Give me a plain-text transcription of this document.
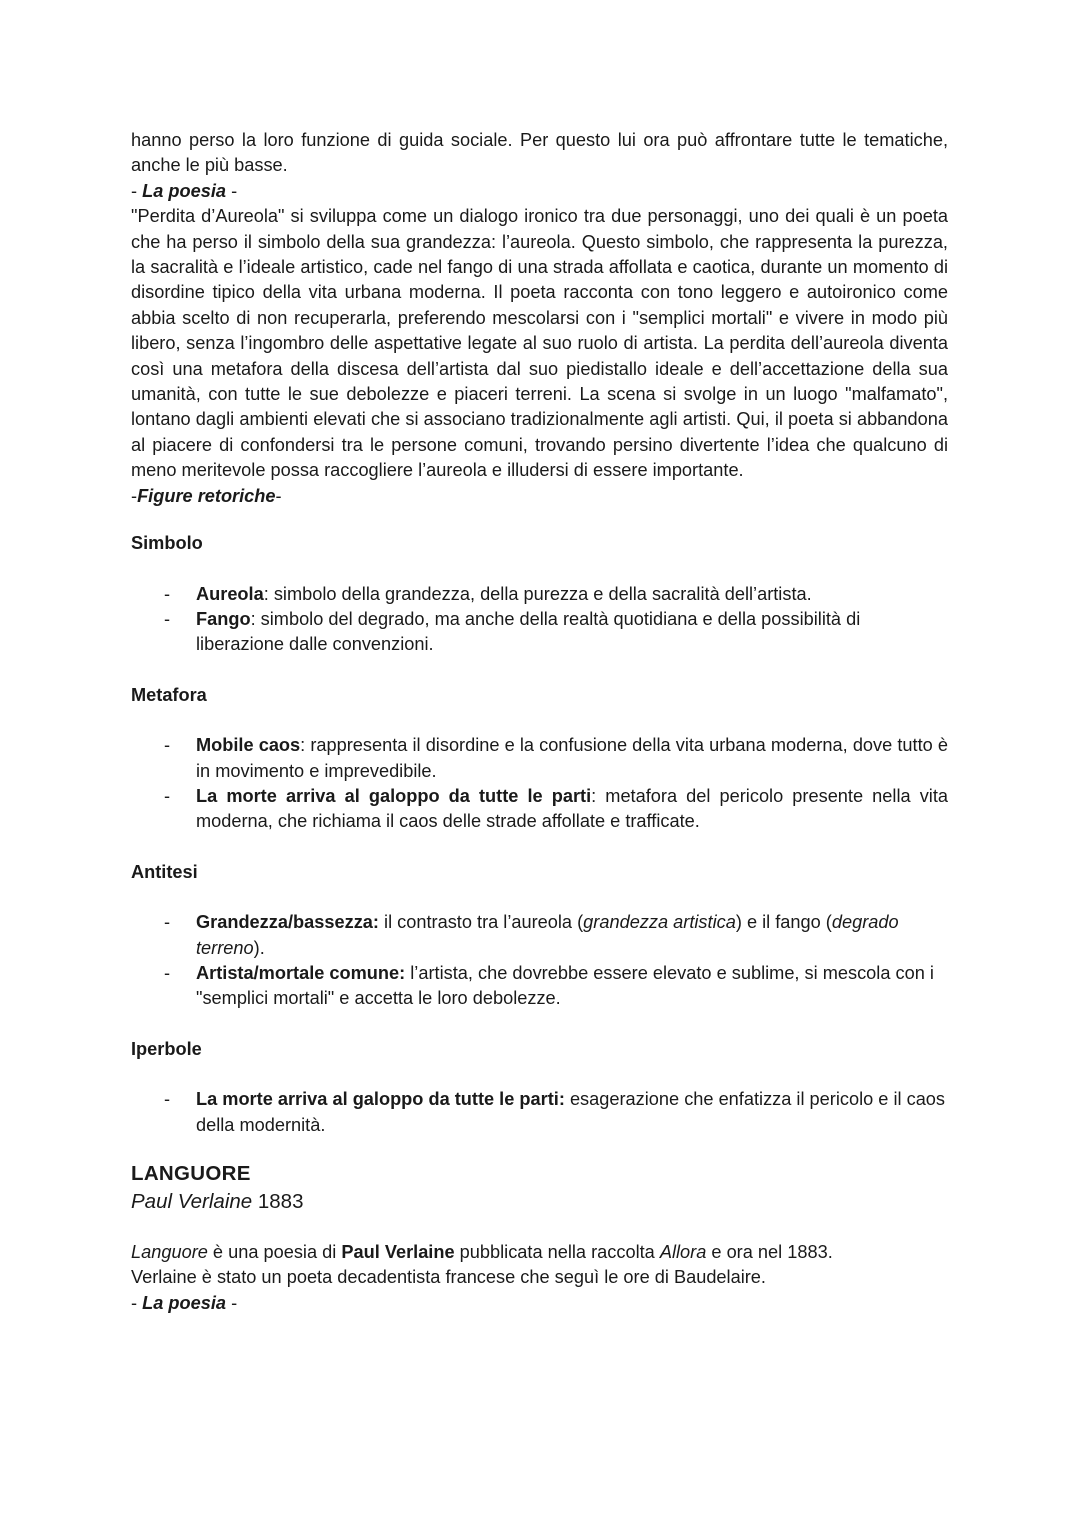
hanno perso la loro funzione di guida sociale. Per questo lui ora può affrontare tutte le tematiche, anche le più basse.

- La poesia -

"Perdita d’Aureola" si sviluppa come un dialogo ironico tra due personaggi, uno dei quali è un poeta che ha perso il simbolo della sua grandezza: l’aureola. Questo simbolo, che rappresenta la purezza, la sacralità e l’ideale artistico, cade nel fango di una strada affollata e caotica, durante un momento di disordine tipico della vita urbana moderna. Il poeta racconta con tono leggero e autoironico come abbia scelto di non recuperarla, preferendo mescolarsi con i "semplici mortali" e vivere in modo più libero, senza l’ingombro delle aspettative legate al suo ruolo di artista. La perdita dell’aureola diventa così una metafora della discesa dell’artista dal suo piedistallo ideale e dell’accettazione della sua umanità, con tutte le sue debolezze e piaceri terreni. La scena si svolge in un luogo "malfamato", lontano dagli ambienti elevati che si associano tradizionalmente agli artisti. Qui, il poeta si abbandona al piacere di confondersi tra le persone comuni, trovando persino divertente l’idea che qualcuno di meno meritevole possa raccogliere l’aureola e illudersi di essere importante.

-Figure retoriche-

Simbolo

- Aureola: simbolo della grandezza, della purezza e della sacralità dell’artista.
- Fango: simbolo del degrado, ma anche della realtà quotidiana e della possibilità di liberazione dalle convenzioni.

Metafora

- Mobile caos: rappresenta il disordine e la confusione della vita urbana moderna, dove tutto è in movimento e imprevedibile.
- La morte arriva al galoppo da tutte le parti: metafora del pericolo presente nella vita moderna, che richiama il caos delle strade affollate e trafficate.

Antitesi

- Grandezza/bassezza: il contrasto tra l’aureola (grandezza artistica) e il fango (degrado terreno).
- Artista/mortale comune: l’artista, che dovrebbe essere elevato e sublime, si mescola con i "semplici mortali" e accetta le loro debolezze.

Iperbole

- La morte arriva al galoppo da tutte le parti: esagerazione che enfatizza il pericolo e il caos della modernità.

LANGUORE

Paul Verlaine 1883

Languore è una poesia di Paul Verlaine pubblicata nella raccolta Allora e ora nel 1883.

Verlaine è stato un poeta decadentista francese che seguì le ore di Baudelaire.

- La poesia -
